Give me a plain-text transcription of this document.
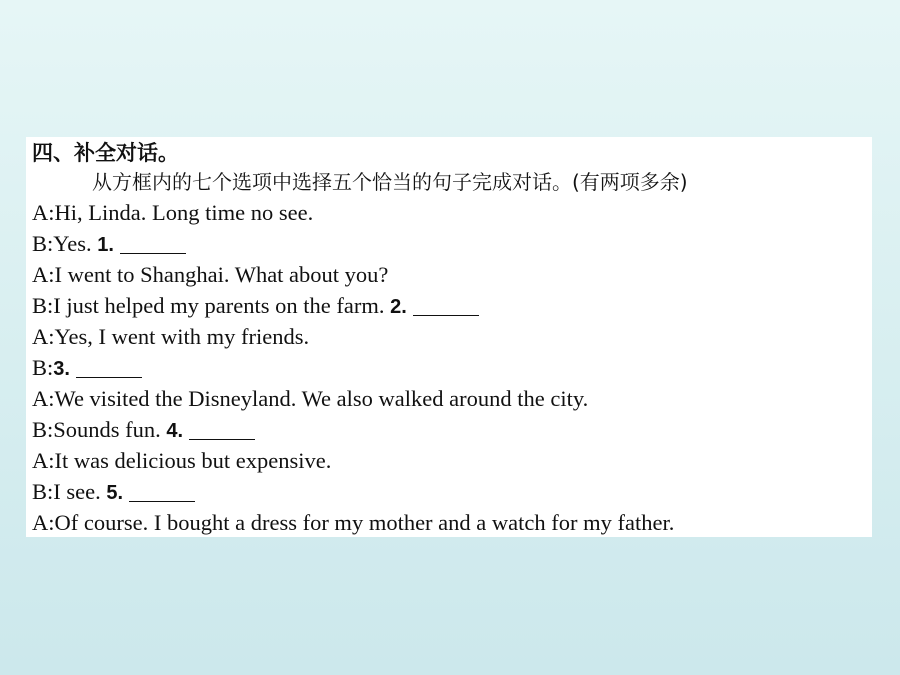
四、补全对话。
从方框内的七个选项中选择五个恰当的句子完成对话。(有两项多余)
A:Hi, Linda. Long time no see.
B:Yes. 1.
A:I went to Shanghai. What about you?
B:I just helped my parents on the farm. 2.
A:Yes, I went with my friends.
B:3.
A:We visited the Disneyland. We also walked around the city.
B:Sounds fun. 4.
A:It was delicious but expensive.
B:I see. 5.
A:Of course. I bought a dress for my mother and a watch for my father.
